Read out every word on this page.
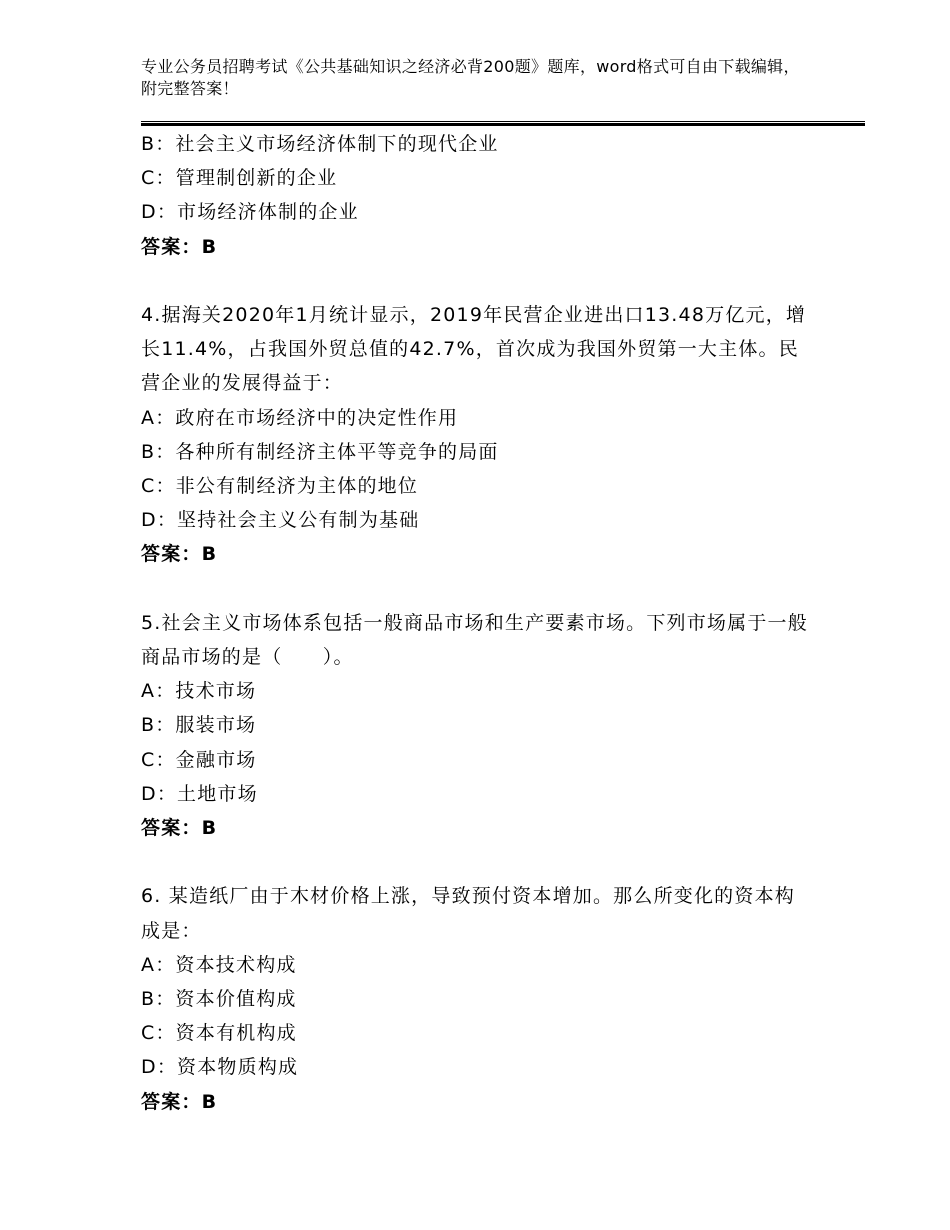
专业公务员招聘考试《公共基础知识之经济必背200题》题库，word格式可自由下载编辑，附完整答案！
B：社会主义市场经济体制下的现代企业
C：管理制创新的企业
D：市场经济体制的企业
答案：B
4.据海关2020年1月统计显示，2019年民营企业进出口13.48万亿元，增长11.4%，占我国外贸总值的42.7%，首次成为我国外贸第一大主体。民营企业的发展得益于：
A：政府在市场经济中的决定性作用
B：各种所有制经济主体平等竞争的局面
C：非公有制经济为主体的地位
D：坚持社会主义公有制为基础
答案：B
5.社会主义市场体系包括一般商品市场和生产要素市场。下列市场属于一般商品市场的是（　　）。
A：技术市场
B：服装市场
C：金融市场
D：土地市场
答案：B
6. 某造纸厂由于木材价格上涨，导致预付资本增加。那么所变化的资本构成是：
A：资本技术构成
B：资本价值构成
C：资本有机构成
D：资本物质构成
答案：B
